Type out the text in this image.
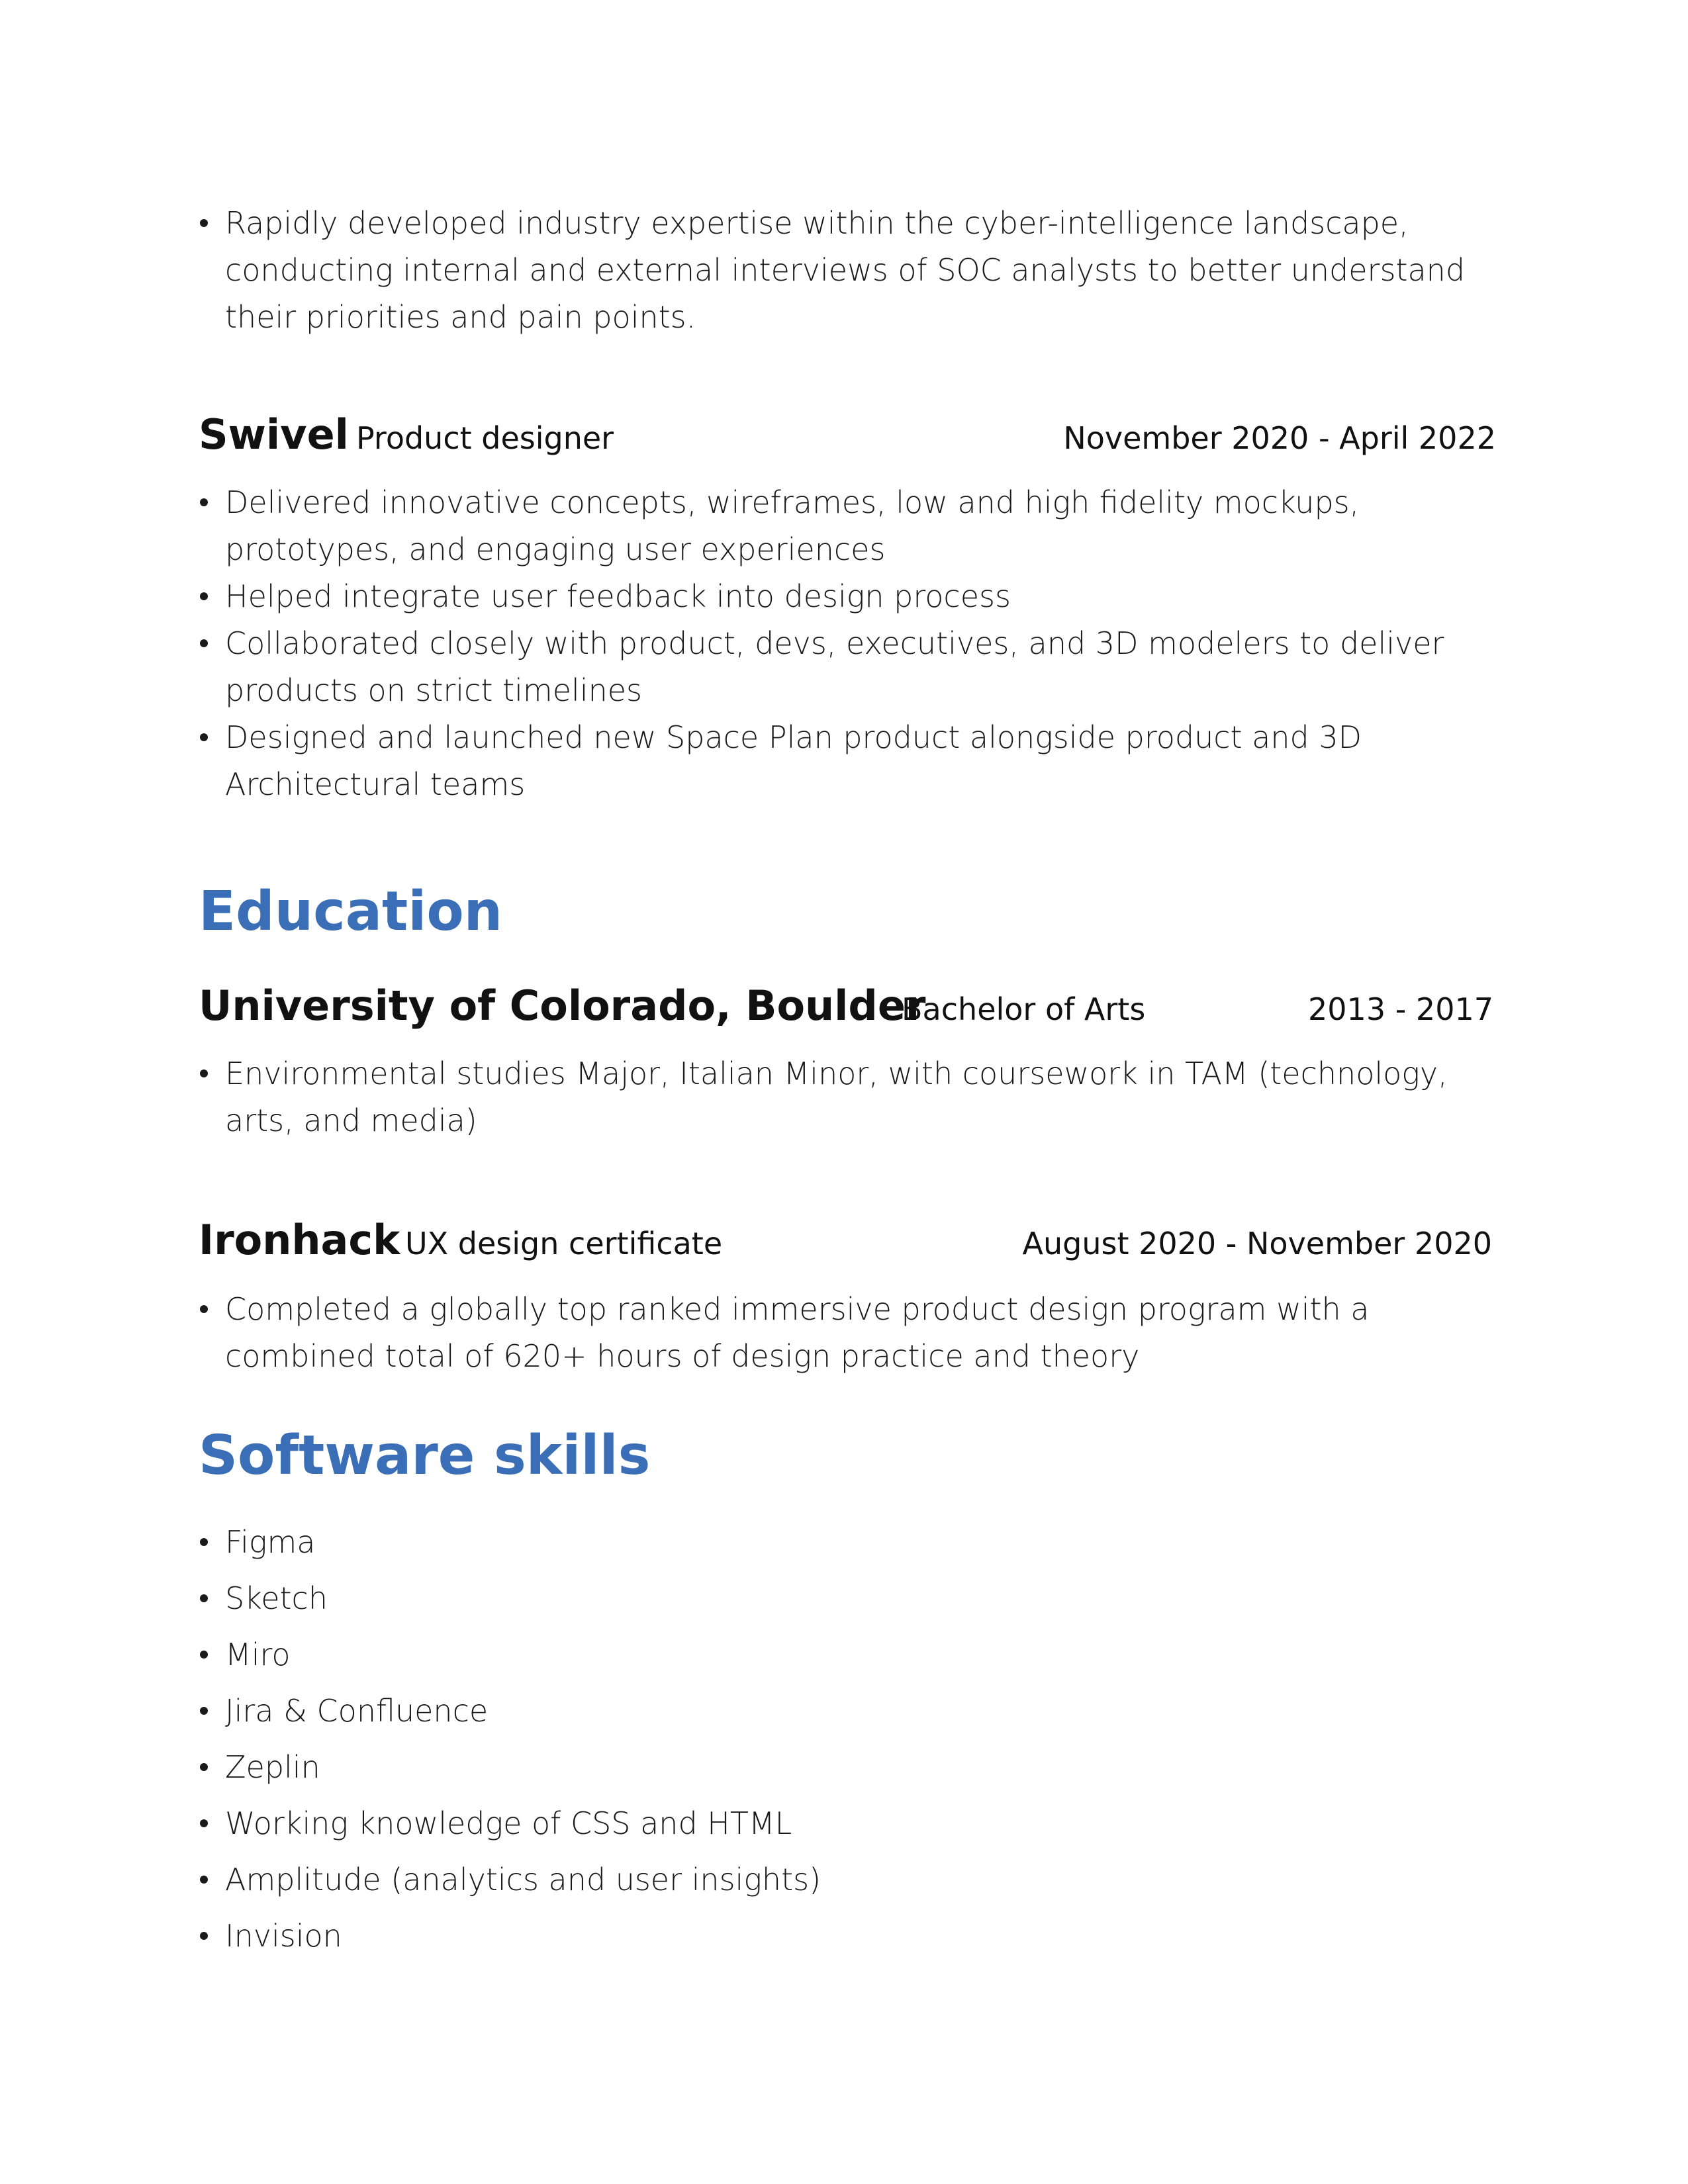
Rapidly developed industry expertise within the cyber-intelligence landscape, conducting internal and external interviews of SOC analysts to better understand their priorities and pain points.
Swivel Product designer	November 2020 - April 2022
Delivered innovative concepts, wireframes, low and high fidelity mockups, prototypes, and engaging user experiences
Helped integrate user feedback into design process
Collaborated closely with product, devs, executives, and 3D modelers to deliver products on strict timelines
Designed and launched new Space Plan product alongside product and 3D Architectural teams
Education
University of Colorado, Boulder
Bachelor of Arts	2013 - 2017
Environmental studies Major, Italian Minor, with coursework in TAM (technology, arts, and media)
Ironhack UX design certificate	August 2020 - November 2020
Completed a globally top ranked immersive product design program with a combined total of 620+ hours of design practice and theory
Software skills
Figma
Sketch
Miro
Jira & Confluence
Zeplin
Working knowledge of CSS and HTML
Amplitude (analytics and user insights)
Invision
